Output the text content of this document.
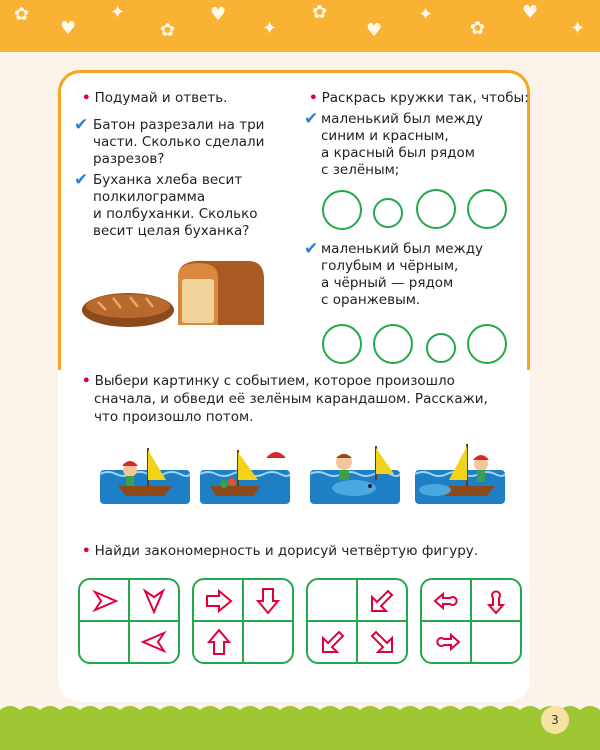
✿
♥
✦
✿
♥
✦
✿
♥
✦
✿
♥
✦
• Подумай и ответь.
✔ Батон разрезали на три
части. Сколько сделали
разрезов?
✔ Буханка хлеба весит
полкилограмма
и полбуханки. Сколько
весит целая буханка?
• Раскрась кружки так, чтобы:
✔ маленький был между
синим и красным,
а красный был рядом
с зелёным;
✔ маленький был между
голубым и чёрным,
а чёрный — рядом
с оранжевым.
• Выбери картинку с событием, которое произошло
сначала, и обведи её зелёным карандашом. Расскажи,
что произошло потом.
• Найди закономерность и дорисуй четвёртую фигуру.
3
